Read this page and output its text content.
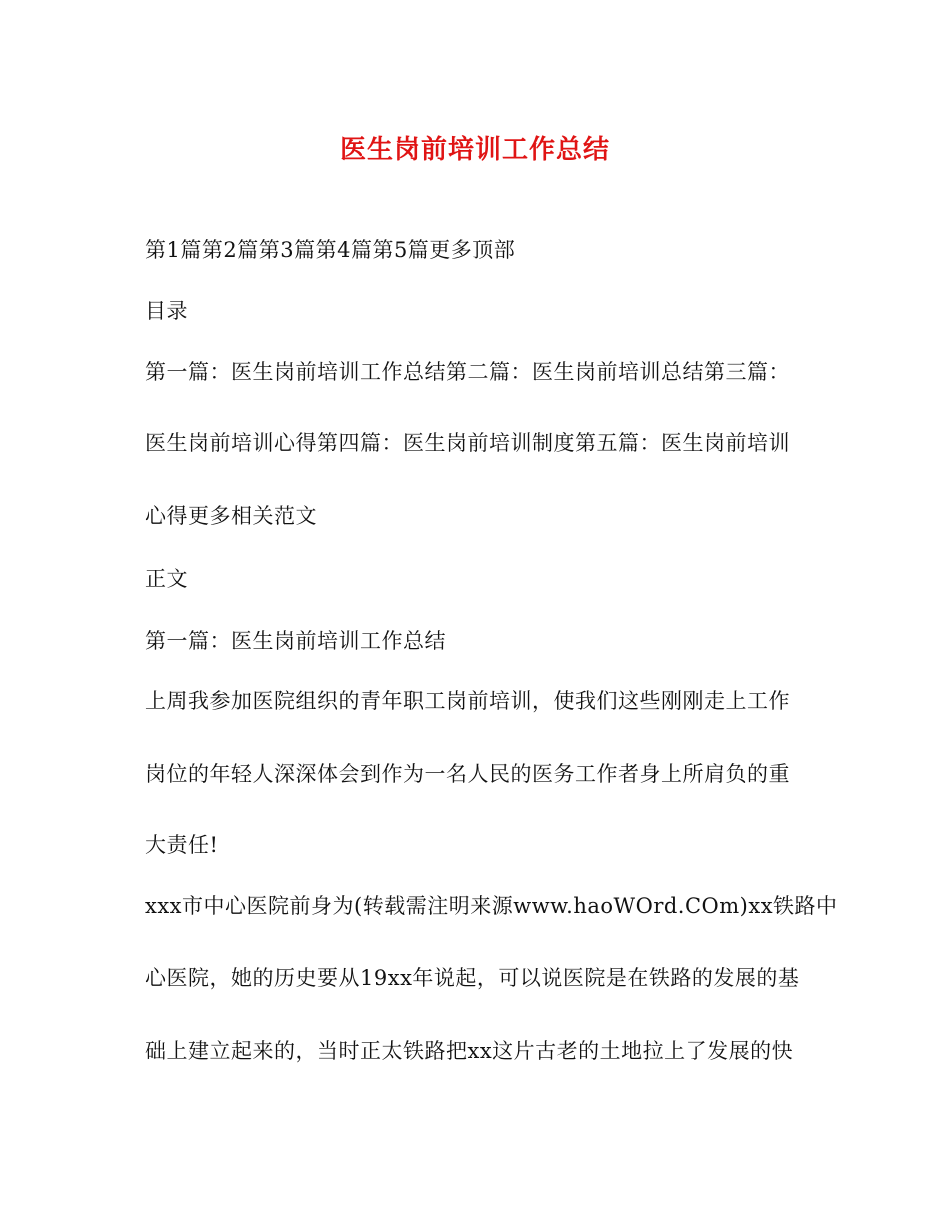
医生岗前培训工作总结
第1篇第2篇第3篇第4篇第5篇更多顶部
目录
第一篇：医生岗前培训工作总结第二篇：医生岗前培训总结第三篇：
医生岗前培训心得第四篇：医生岗前培训制度第五篇：医生岗前培训
心得更多相关范文
正文
第一篇：医生岗前培训工作总结
上周我参加医院组织的青年职工岗前培训，使我们这些刚刚走上工作
岗位的年轻人深深体会到作为一名人民的医务工作者身上所肩负的重
大责任!
xxx市中心医院前身为(转载需注明来源www.haoWOrd.COm)xx铁路中
心医院，她的历史要从19xx年说起，可以说医院是在铁路的发展的基
础上建立起来的，当时正太铁路把xx这片古老的土地拉上了发展的快
